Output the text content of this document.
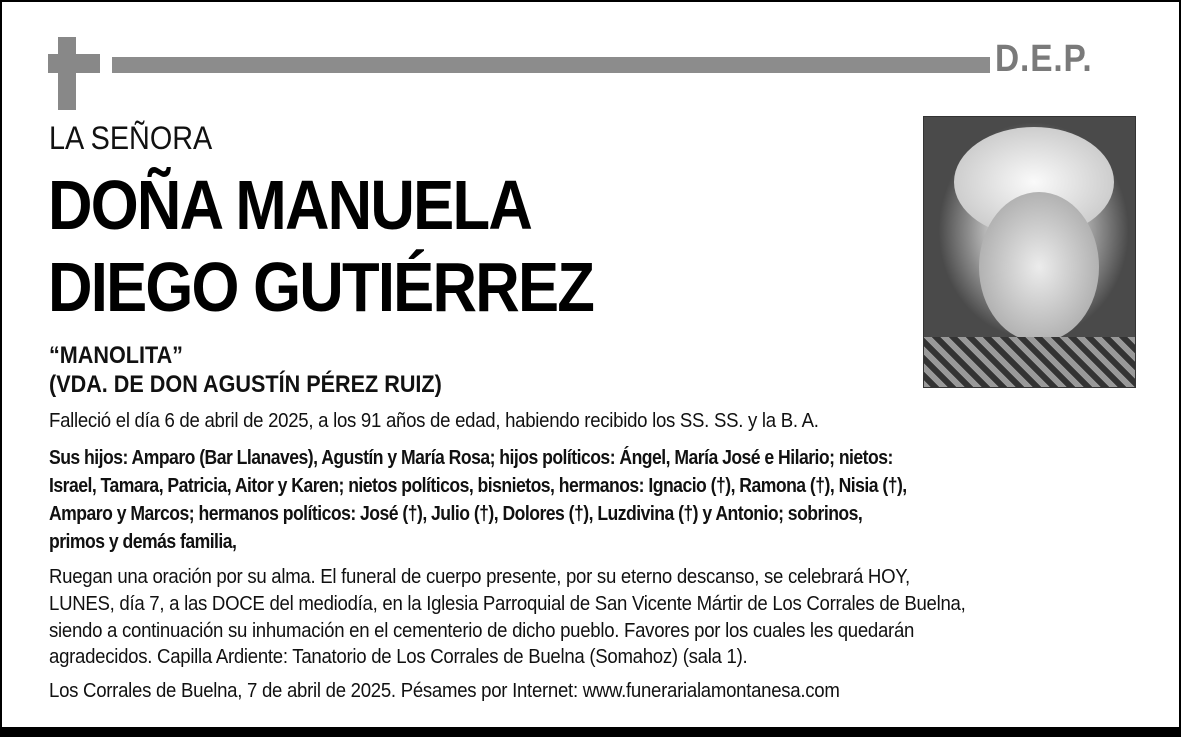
D.E.P.
LA SEÑORA
DOÑA MANUELA
DIEGO GUTIÉRREZ
“MANOLITA”
(VDA. DE DON AGUSTÍN PÉREZ RUIZ)
Falleció el día 6 de abril de 2025, a los 91 años de edad, habiendo recibido los SS. SS. y la B. A.
Sus hijos: Amparo (Bar Llanaves), Agustín y María Rosa; hijos políticos: Ángel, María José e Hilario; nietos:
Israel, Tamara, Patricia, Aitor y Karen; nietos políticos, bisnietos, hermanos: Ignacio (†), Ramona (†), Nisia (†),
Amparo y Marcos; hermanos políticos: José (†), Julio (†), Dolores (†), Luzdivina (†) y Antonio; sobrinos,
primos y demás familia,
Ruegan una oración por su alma. El funeral de cuerpo presente, por su eterno descanso, se celebrará HOY,
LUNES, día 7, a las DOCE del mediodía, en la Iglesia Parroquial de San Vicente Mártir de Los Corrales de Buelna,
siendo a continuación su inhumación en el cementerio de dicho pueblo. Favores por los cuales les quedarán
agradecidos. Capilla Ardiente: Tanatorio de Los Corrales de Buelna (Somahoz) (sala 1).
Los Corrales de Buelna, 7 de abril de 2025. Pésames por Internet: www.funerarialamontanesa.com
